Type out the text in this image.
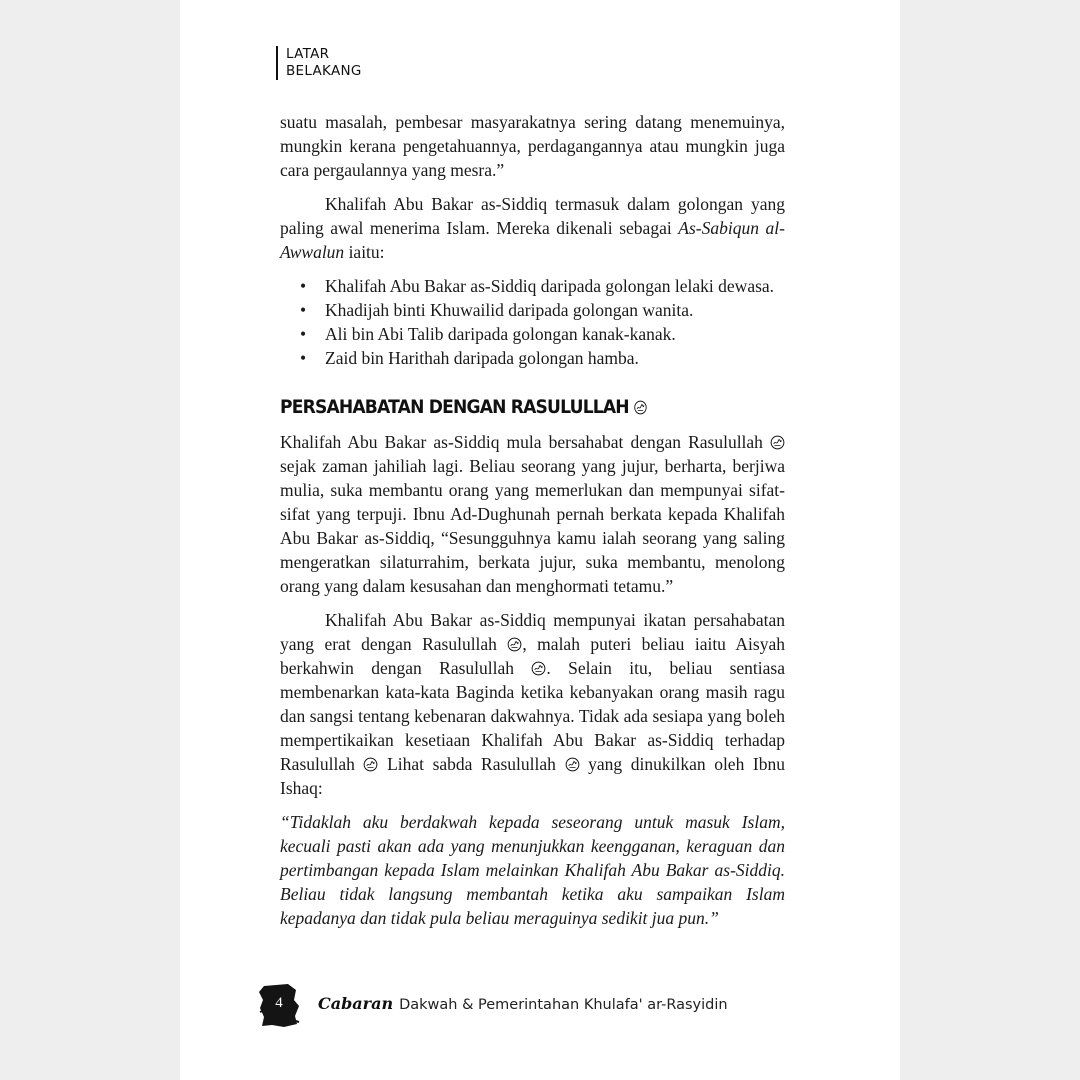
LATAR
BELAKANG

suatu masalah, pembesar masyarakatnya sering datang menemuinya, mungkin kerana pengetahuannya, perdagangannya atau mungkin juga cara pergaulannya yang mesra.”

Khalifah Abu Bakar as-Siddiq termasuk dalam golongan yang paling awal menerima Islam. Mereka dikenali sebagai As-Sabiqun al-Awwalun iaitu:

• Khalifah Abu Bakar as-Siddiq daripada golongan lelaki dewasa.
• Khadijah binti Khuwailid daripada golongan wanita.
• Ali bin Abi Talib daripada golongan kanak-kanak.
• Zaid bin Harithah daripada golongan hamba.
PERSAHABATAN DENGAN RASULULLAH

Khalifah Abu Bakar as-Siddiq mula bersahabat dengan Rasulullah  sejak zaman jahiliah lagi. Beliau seorang yang jujur, berharta, berjiwa mulia, suka membantu orang yang memerlukan dan mempunyai sifat-sifat yang terpuji. Ibnu Ad-Dughunah pernah berkata kepada Khalifah Abu Bakar as-Siddiq, “Sesungguhnya kamu ialah seorang yang saling mengeratkan silaturrahim, berkata jujur, suka membantu, menolong orang yang dalam kesusahan dan menghormati tetamu.”

Khalifah Abu Bakar as-Siddiq mempunyai ikatan persahabatan yang erat dengan Rasulullah , malah puteri beliau iaitu Aisyah berkahwin dengan Rasulullah . Selain itu, beliau sentiasa membenarkan kata-kata Baginda ketika kebanyakan orang masih ragu dan sangsi tentang kebenaran dakwahnya. Tidak ada sesiapa yang boleh mempertikaikan kesetiaan Khalifah Abu Bakar as-Siddiq terhadap Rasulullah  Lihat sabda Rasulullah  yang dinukilkan oleh Ibnu Ishaq:

“Tidaklah aku berdakwah kepada seseorang untuk masuk Islam, kecuali pasti akan ada yang menunjukkan keengganan, keraguan dan pertimbangan kepada Islam melainkan Khalifah Abu Bakar as-Siddiq. Beliau tidak langsung membantah ketika aku sampaikan Islam kepadanya dan tidak pula beliau meraguinya sedikit jua pun.”

4	Cabaran Dakwah & Pemerintahan Khulafa' ar-Rasyidin
